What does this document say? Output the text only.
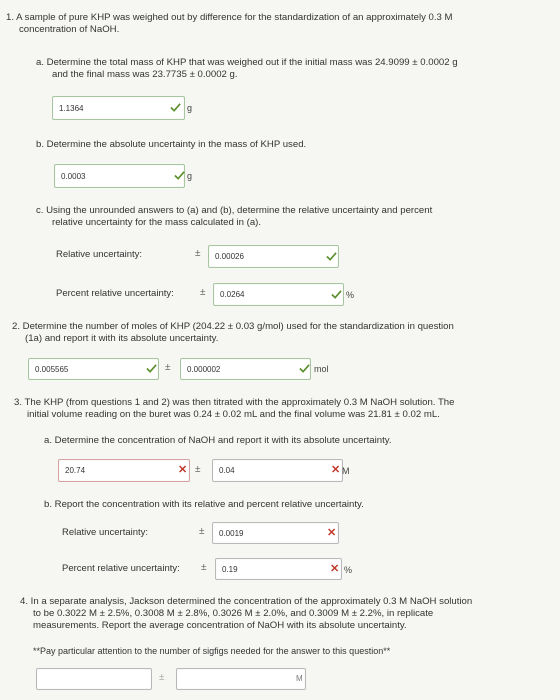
1. A sample of pure KHP was weighed out by difference for the standardization of an approximately 0.3 M
concentration of NaOH.
a. Determine the total mass of KHP that was weighed out if the initial mass was 24.9099 ± 0.0002 g
and the final mass was 23.7735 ± 0.0002 g.
1.1364	g
b. Determine the absolute uncertainty in the mass of KHP used.
0.0003	g
c. Using the unrounded answers to (a) and (b), determine the relative uncertainty and percent
relative uncertainty for the mass calculated in (a).
Relative uncertainty:	± 0.00026
Percent relative uncertainty:	± 0.0264	%
2. Determine the number of moles of KHP (204.22 ± 0.03 g/mol) used for the standardization in question
(1a) and report it with its absolute uncertainty.
0.005565	± 0.000002	mol
3. The KHP (from questions 1 and 2) was then titrated with the approximately 0.3 M NaOH solution. The
initial volume reading on the buret was 0.24 ± 0.02 mL and the final volume was 21.81 ± 0.02 mL.
a. Determine the concentration of NaOH and report it with its absolute uncertainty.
20.74	✕ ± 0.04	✕ M
b. Report the concentration with its relative and percent relative uncertainty.
Relative uncertainty:	± 0.0019	✕
Percent relative uncertainty: ± 0.19	✕ %
4. In a separate analysis, Jackson determined the concentration of the approximately 0.3 M NaOH solution
to be 0.3022 M ± 2.5%, 0.3008 M ± 2.8%, 0.3026 M ± 2.0%, and 0.3009 M ± 2.2%, in replicate
measurements. Report the average concentration of NaOH with its absolute uncertainty.
**Pay particular attention to the number of sigfigs needed for the answer to this question**
±	M
